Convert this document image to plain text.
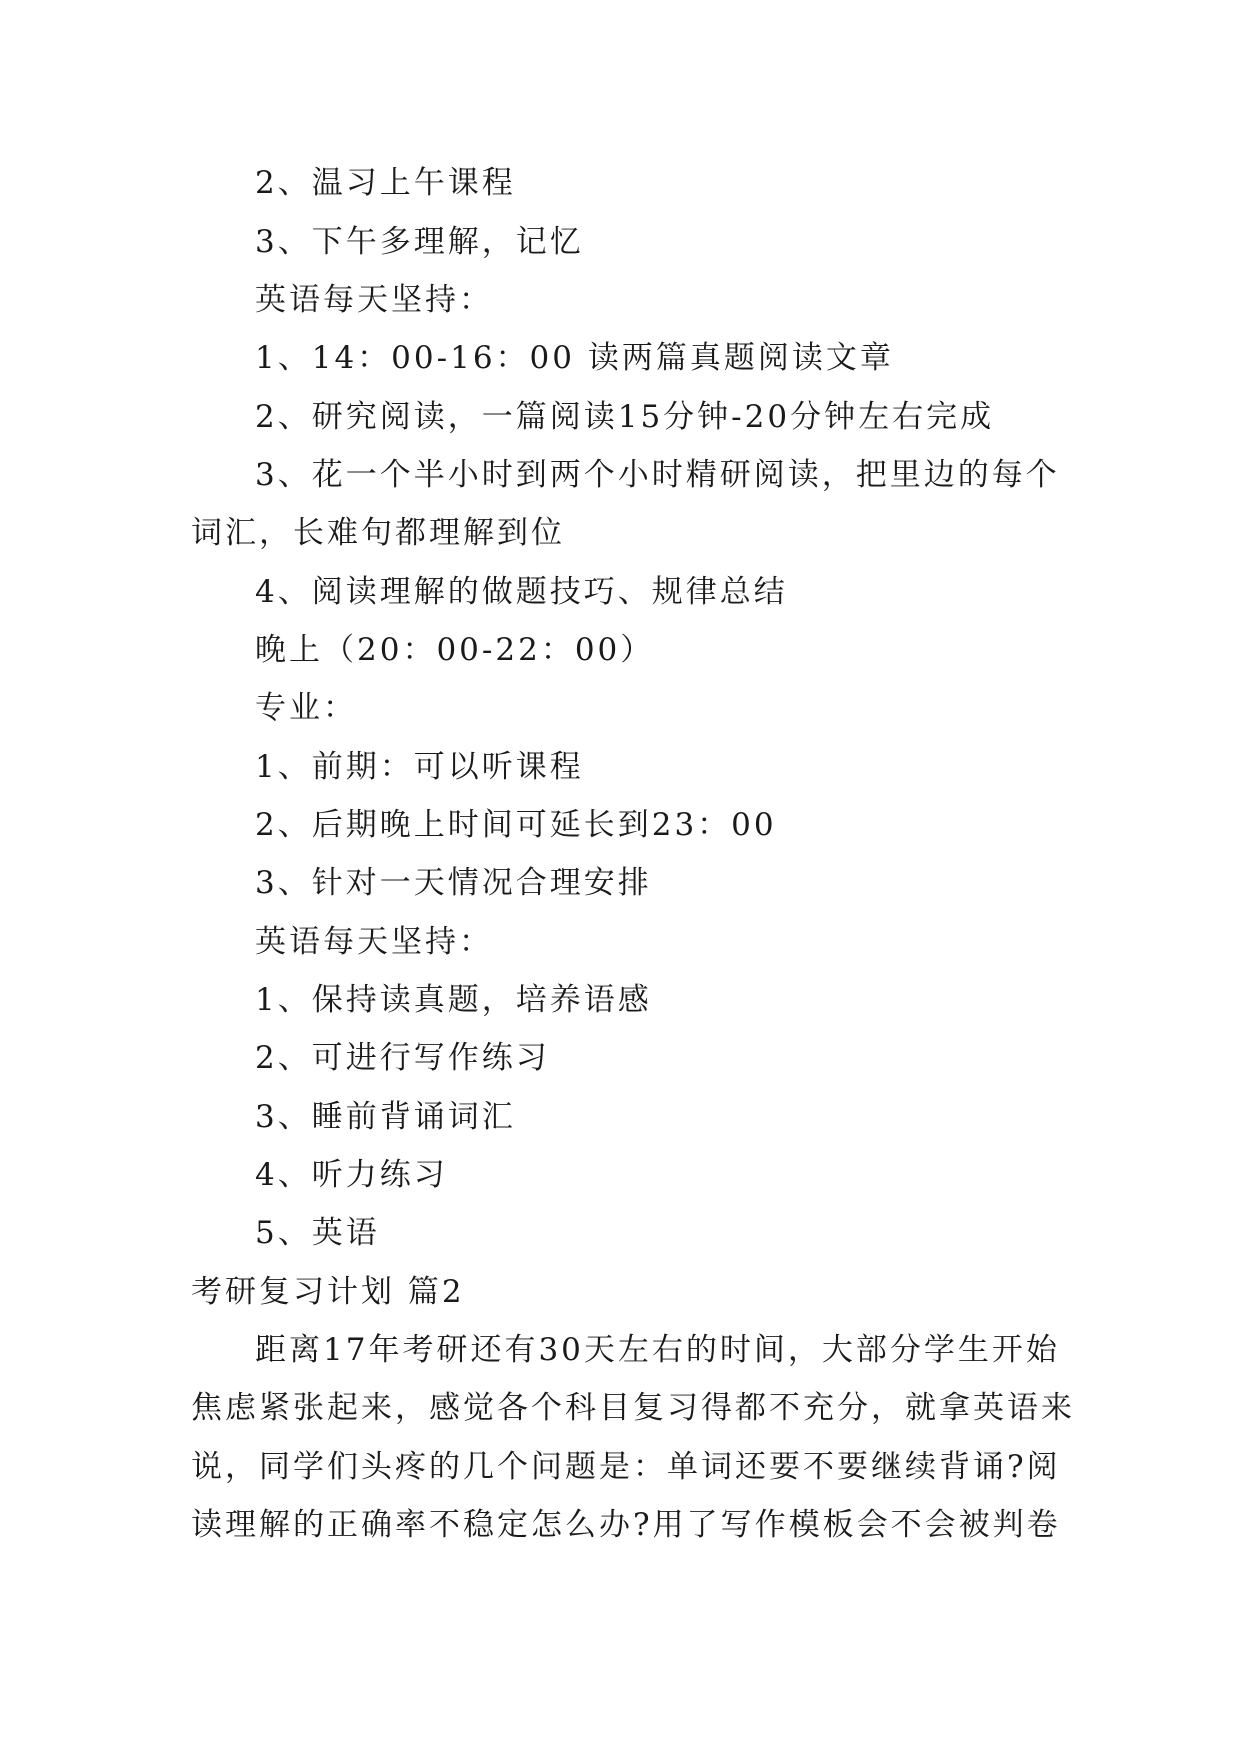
2、温习上午课程
3、下午多理解，记忆
英语每天坚持：
1、14：00-16：00 读两篇真题阅读文章
2、研究阅读，一篇阅读15分钟-20分钟左右完成
3、花一个半小时到两个小时精研阅读，把里边的每个
词汇，长难句都理解到位
4、阅读理解的做题技巧、规律总结
晚上（20：00-22：00）
专业：
1、前期：可以听课程
2、后期晚上时间可延长到23：00
3、针对一天情况合理安排
英语每天坚持：
1、保持读真题，培养语感
2、可进行写作练习
3、睡前背诵词汇
4、听力练习
5、英语
考研复习计划 篇2
距离17年考研还有30天左右的时间，大部分学生开始
焦虑紧张起来，感觉各个科目复习得都不充分，就拿英语来
说，同学们头疼的几个问题是：单词还要不要继续背诵?阅
读理解的正确率不稳定怎么办?用了写作模板会不会被判卷
